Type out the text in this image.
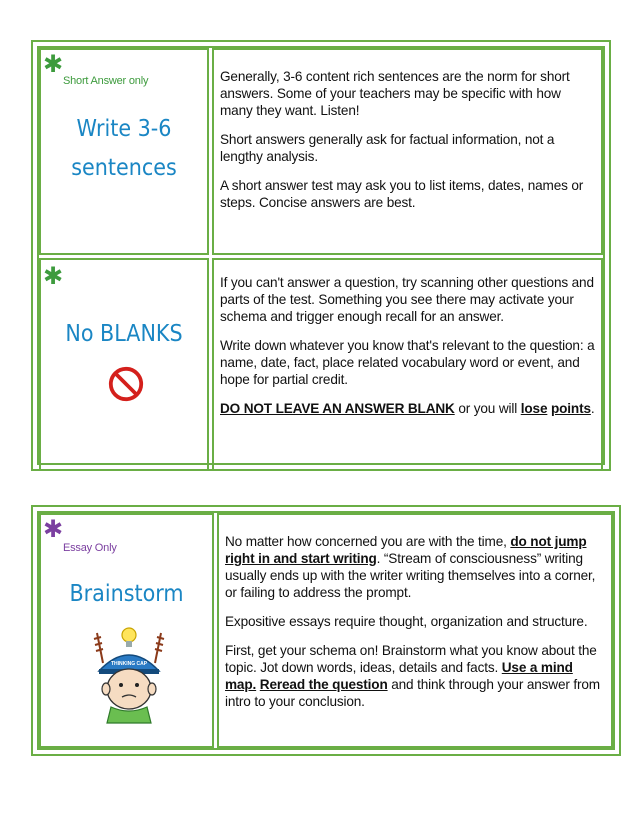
✱
Short Answer only
Write 3-6
sentences

Generally, 3-6 content rich sentences are the norm for short answers. Some of your teachers may be specific with how many they want. Listen!

Short answers generally ask for factual information, not a lengthy analysis.

A short answer test may ask you to list items, dates, names or steps. Concise answers are best.

✱
No BLANKS

If you can't answer a question, try scanning other questions and parts of the test. Something you see there may activate your schema and trigger enough recall for an answer.

Write down whatever you know that's relevant to the question: a name, date, fact, place related vocabulary word or event, and hope for partial credit.

DO NOT LEAVE AN ANSWER BLANK or you will lose points.

✱
Essay Only
Brainstorm
THINKING CAP

No matter how concerned you are with the time, do not jump right in and start writing. “Stream of consciousness” writing usually ends up with the writer writing themselves into a corner, or failing to address the prompt.

Expositive essays require thought, organization and structure.

First, get your schema on! Brainstorm what you know about the topic. Jot down words, ideas, details and facts. Use a mind map. Reread the question and think through your answer from intro to your conclusion.
